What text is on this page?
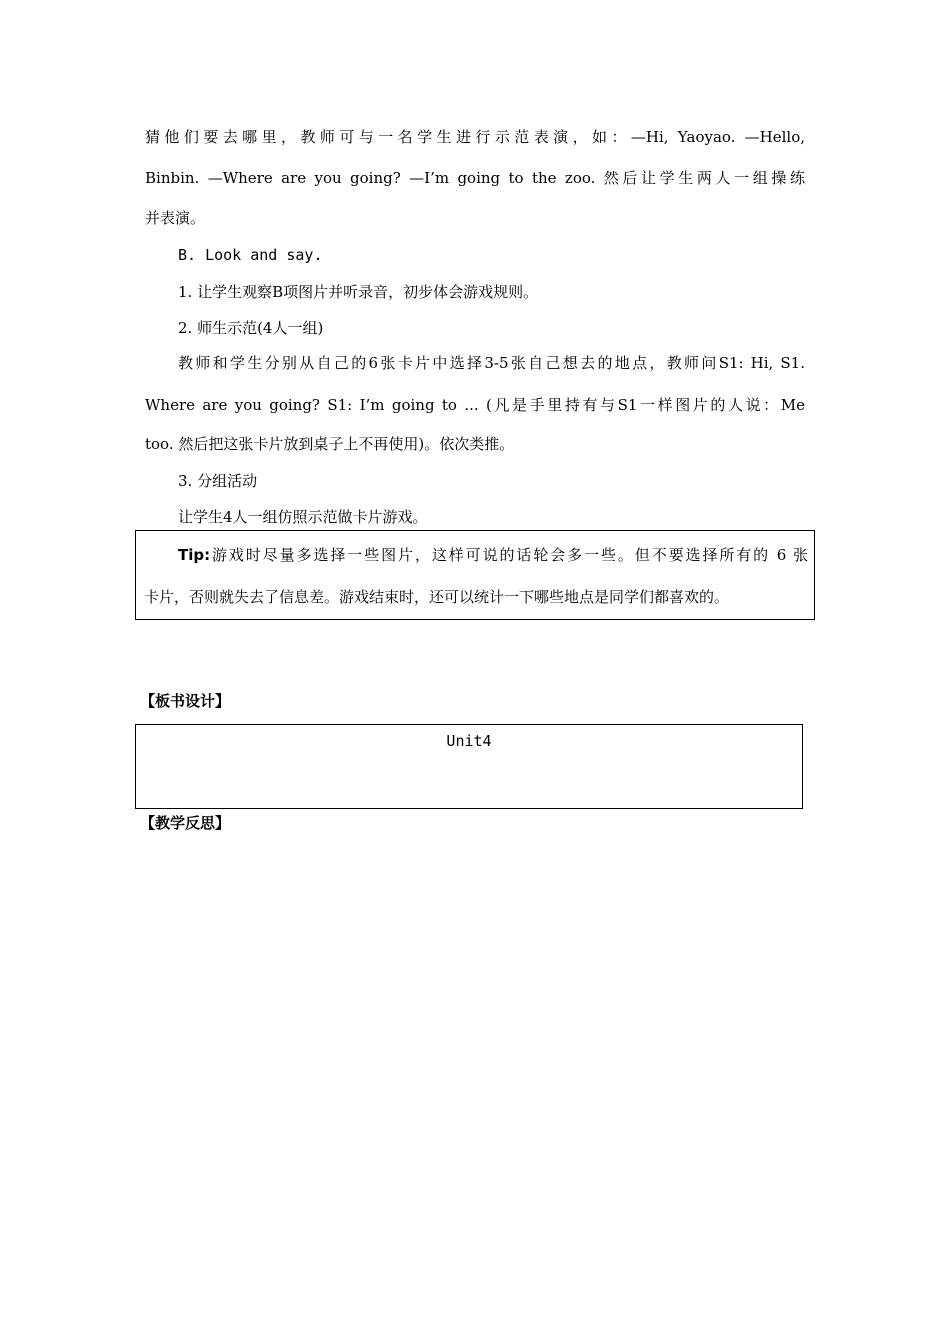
猜他们要去哪里，教师可与一名学生进行示范表演，如：—Hi, Yaoyao. —Hello,
Binbin. —Where are you going? —I’m going to the zoo. 然后让学生两人一组操练
并表演。
B. Look and say.
1. 让学生观察B项图片并听录音，初步体会游戏规则。
2. 师生示范(4人一组)
教师和学生分别从自己的6张卡片中选择3-5张自己想去的地点，教师问S1: Hi, S1.
Where are you going? S1: I’m going to ... (凡是手里持有与S1一样图片的人说：Me
too. 然后把这张卡片放到桌子上不再使用)。依次类推。
3. 分组活动
让学生4人一组仿照示范做卡片游戏。
Tip:游戏时尽量多选择一些图片，这样可说的话轮会多一些。但不要选择所有的 6 张
卡片，否则就失去了信息差。游戏结束时，还可以统计一下哪些地点是同学们都喜欢的。
【板书设计】
Unit4
【教学反思】
